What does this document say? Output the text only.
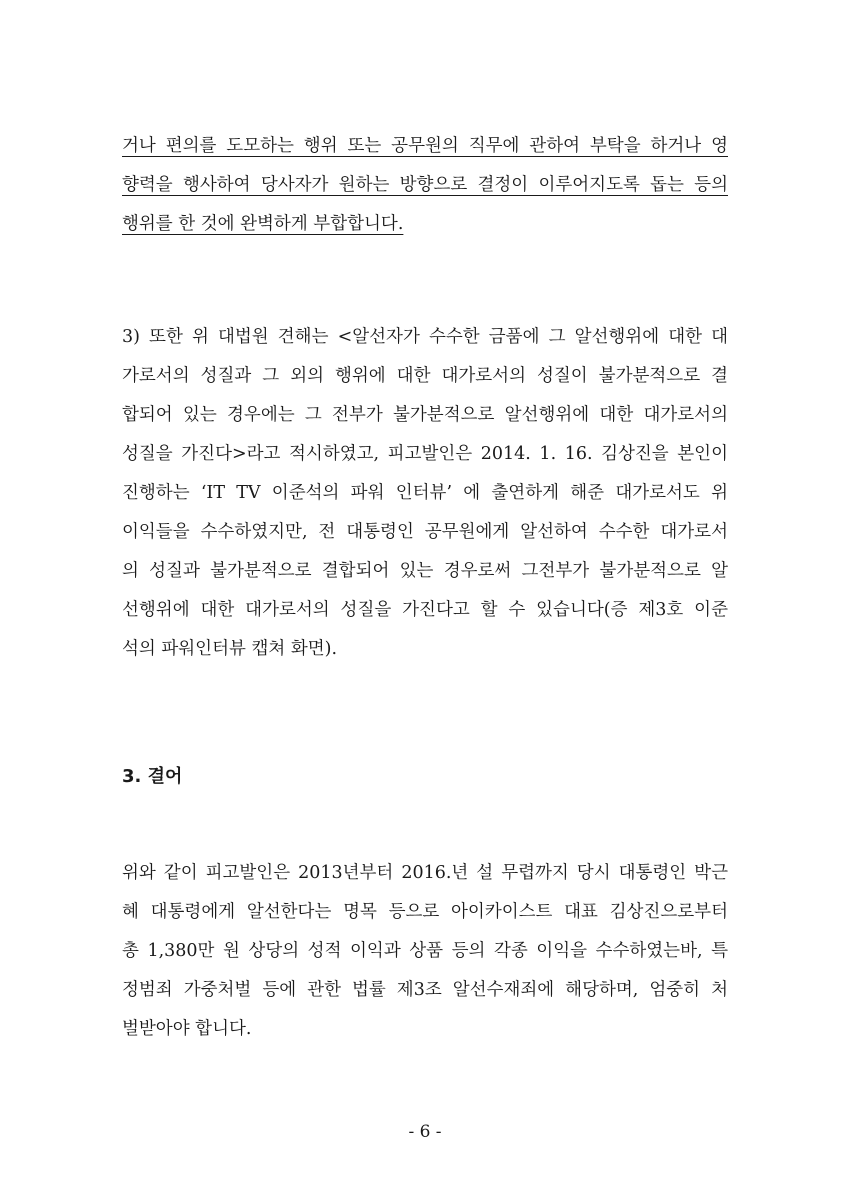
거나 편의를 도모하는 행위 또는 공무원의 직무에 관하여 부탁을 하거나 영
향력을 행사하여 당사자가 원하는 방향으로 결정이 이루어지도록 돕는 등의
행위를 한 것에 완벽하게 부합합니다.
3) 또한 위 대법원 견해는 <알선자가 수수한 금품에 그 알선행위에 대한 대
가로서의 성질과 그 외의 행위에 대한 대가로서의 성질이 불가분적으로 결
합되어 있는 경우에는 그 전부가 불가분적으로 알선행위에 대한 대가로서의
성질을 가진다>라고 적시하였고, 피고발인은 2014. 1. 16. 김상진을 본인이
진행하는 ‘IT TV 이준석의 파워 인터뷰’ 에 출연하게 해준 대가로서도 위
이익들을 수수하였지만, 전 대통령인 공무원에게 알선하여 수수한 대가로서
의 성질과 불가분적으로 결합되어 있는 경우로써 그전부가 불가분적으로 알
선행위에 대한 대가로서의 성질을 가진다고 할 수 있습니다(증 제3호 이준
석의 파워인터뷰 캡쳐 화면).
3. 결어
위와 같이 피고발인은 2013년부터 2016.년 설 무렵까지 당시 대통령인 박근
혜 대통령에게 알선한다는 명목 등으로 아이카이스트 대표 김상진으로부터
총 1,380만 원 상당의 성적 이익과 상품 등의 각종 이익을 수수하였는바, 특
정범죄 가중처벌 등에 관한 법률 제3조 알선수재죄에 해당하며, 엄중히 처
벌받아야 합니다.
- 6 -
